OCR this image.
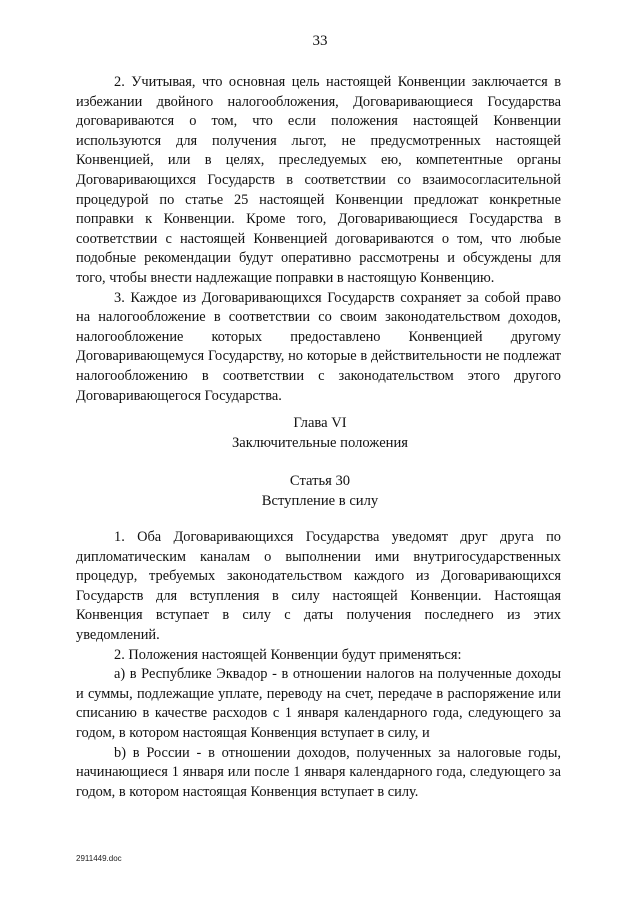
33

2. Учитывая, что основная цель настоящей Конвенции заключается в избежании двойного налогообложения, Договаривающиеся Государства договариваются о том, что если положения настоящей Конвенции используются для получения льгот, не предусмотренных настоящей Конвенцией, или в целях, преследуемых ею, компетентные органы Договаривающихся Государств в соответствии со взаимосогласительной процедурой по статье 25 настоящей Конвенции предложат конкретные поправки к Конвенции. Кроме того, Договаривающиеся Государства в соответствии с настоящей Конвенцией договариваются о том, что любые подобные рекомендации будут оперативно рассмотрены и обсуждены для того, чтобы внести надлежащие поправки в настоящую Конвенцию.

3. Каждое из Договаривающихся Государств сохраняет за собой право на налогообложение в соответствии со своим законодательством доходов, налогообложение которых предоставлено Конвенцией другому Договаривающемуся Государству, но которые в действительности не подлежат налогообложению в соответствии с законодательством этого другого Договаривающегося Государства.

Глава VI
Заключительные положения
Статья 30
Вступление в силу

1. Оба Договаривающихся Государства уведомят друг друга по дипломатическим каналам о выполнении ими внутригосударственных процедур, требуемых законодательством каждого из Договаривающихся Государств для вступления в силу настоящей Конвенции. Настоящая Конвенция вступает в силу с даты получения последнего из этих уведомлений.

2. Положения настоящей Конвенции будут применяться:

a) в Республике Эквадор - в отношении налогов на полученные доходы и суммы, подлежащие уплате, переводу на счет, передаче в распоряжение или списанию в качестве расходов с 1 января календарного года, следующего за годом, в котором настоящая Конвенция вступает в силу, и

b) в России - в отношении доходов, полученных за налоговые годы, начинающиеся 1 января или после 1 января календарного года, следующего за годом, в котором настоящая Конвенция вступает в силу.

2911449.doc
